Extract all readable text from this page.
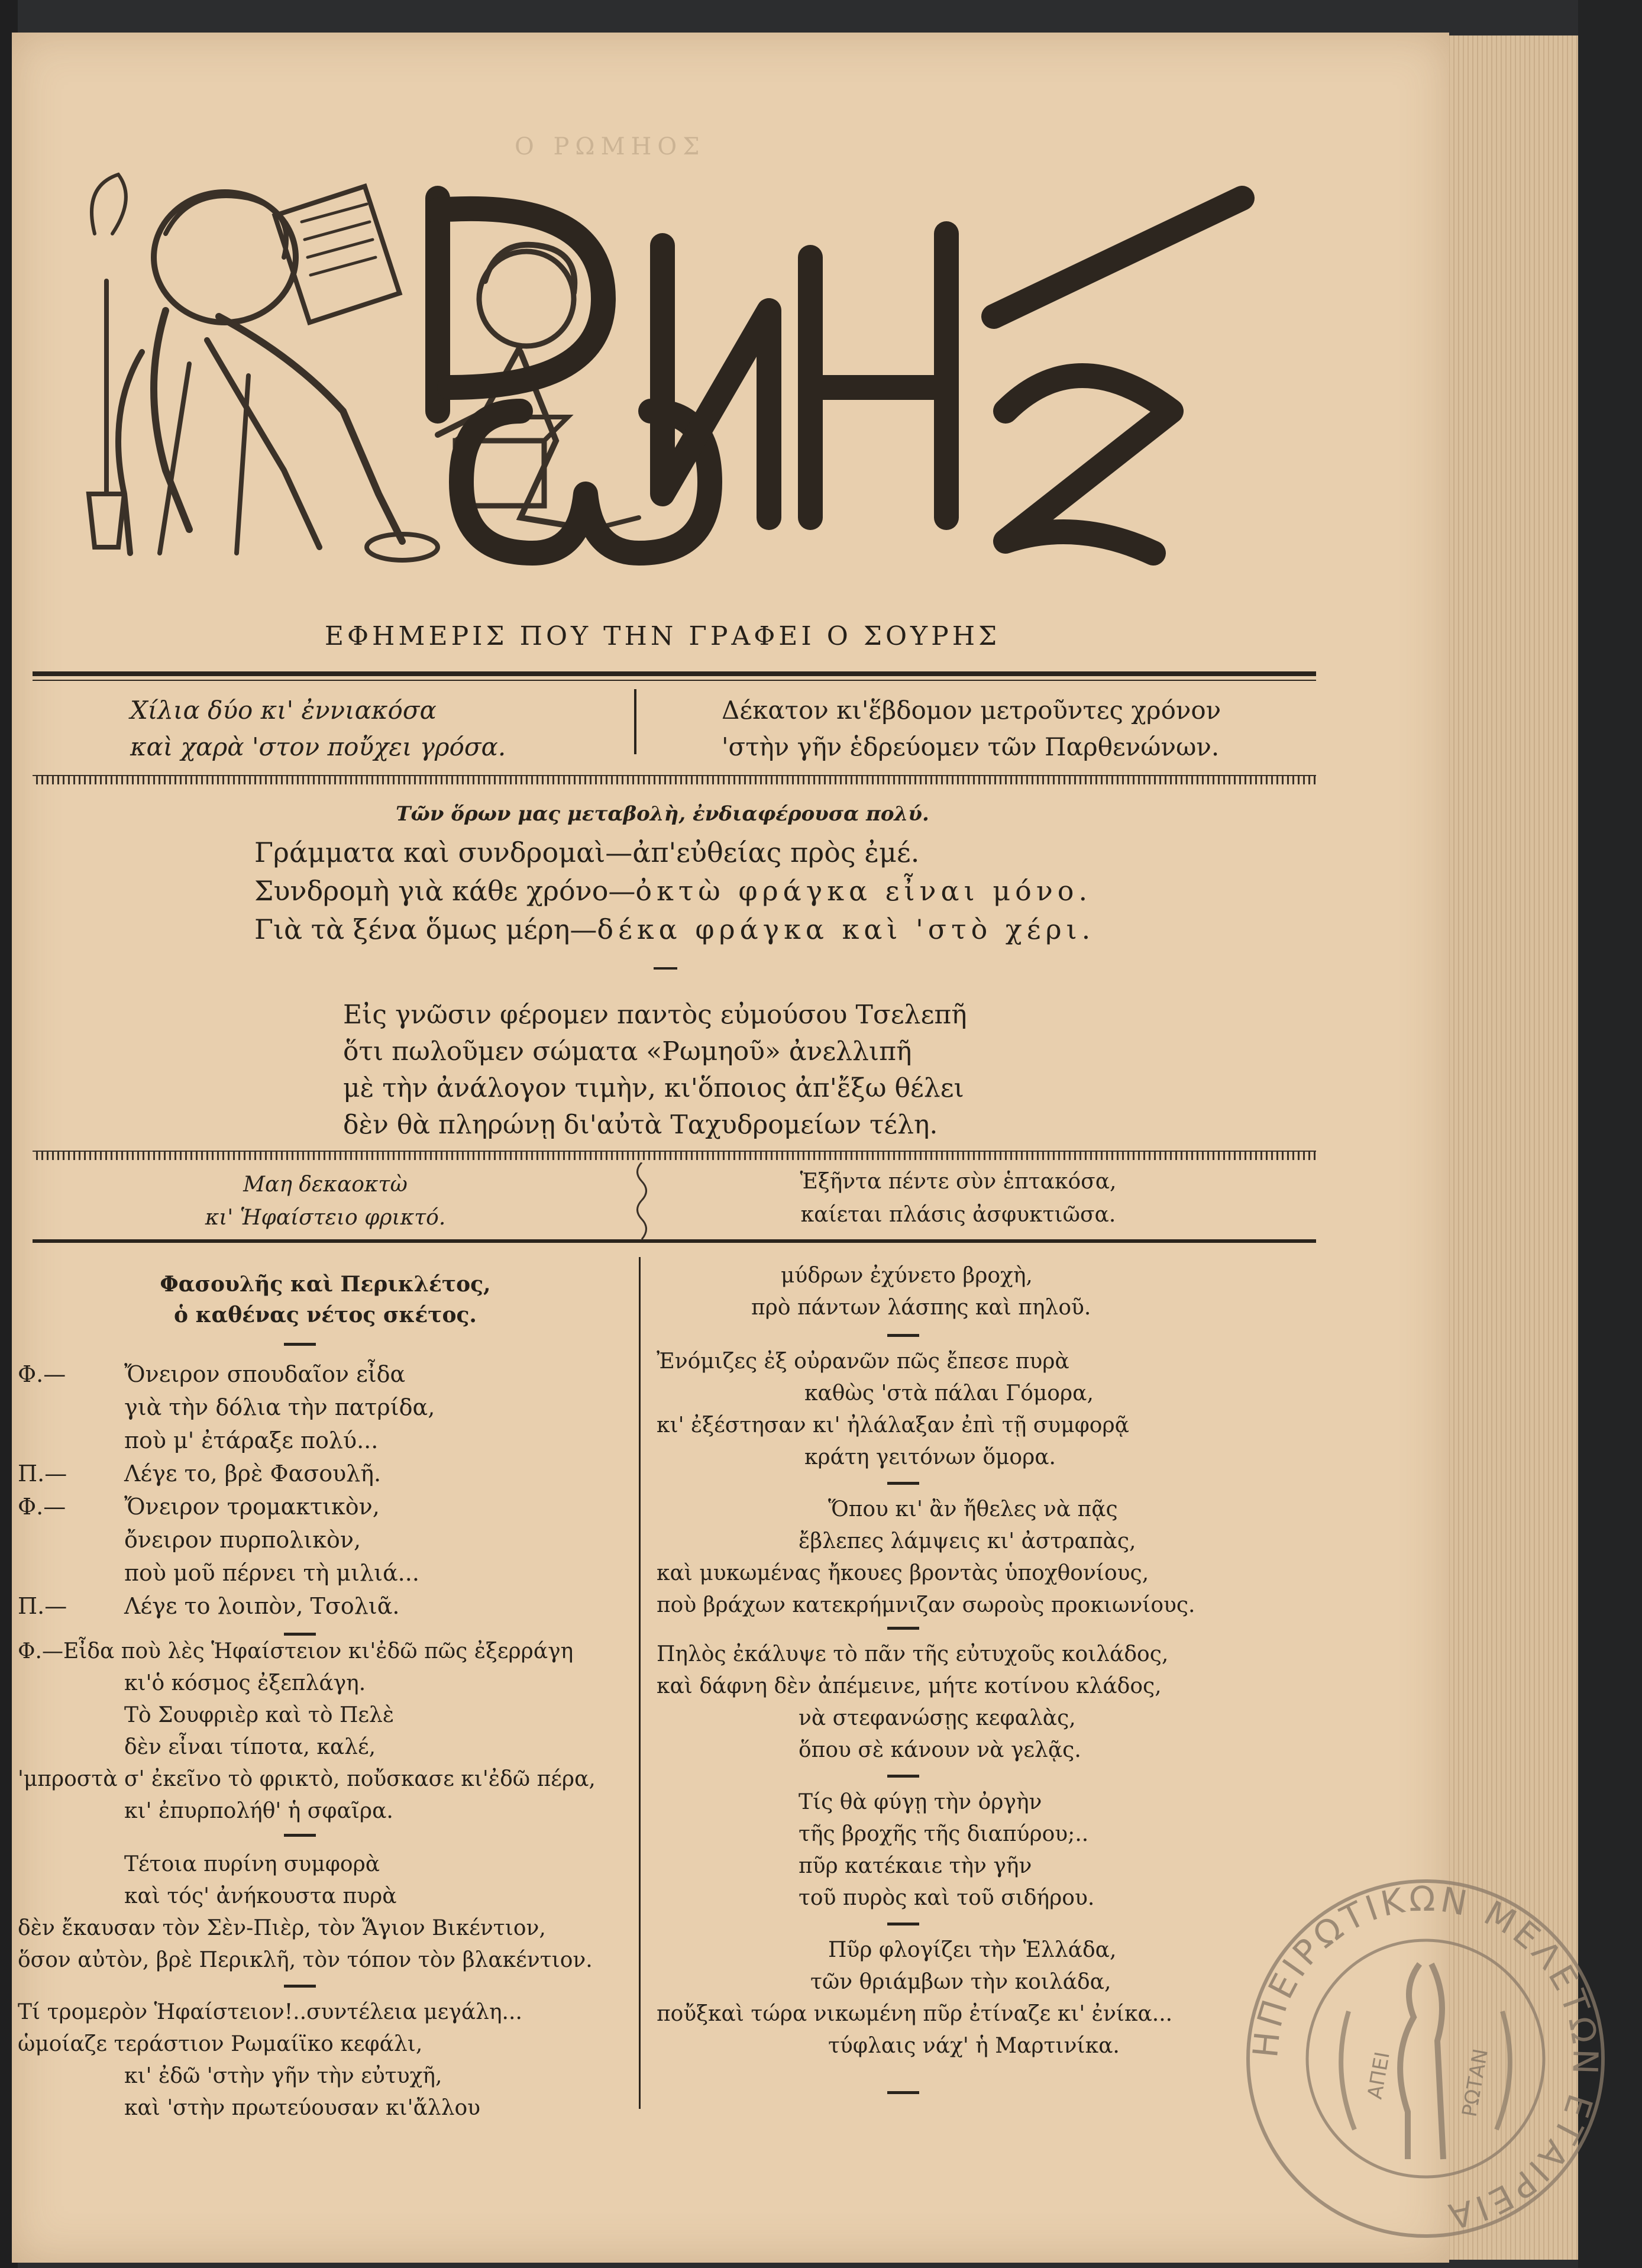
Ο ΡΩΜΗΟΣ
ΕΦΗΜΕΡΙΣ ΠΟΥ ΤΗΝ ΓΡΑΦΕΙ Ο ΣΟΥΡΗΣ
Χίλια δύο κι' ἐννιακόσα
καὶ χαρὰ 'στον ποὔχει γρόσα.
Δέκατον κι'ἕβδομον μετροῦντες χρόνον
'στὴν γῆν ἑδρεύομεν τῶν Παρθενώνων.
Τῶν ὅρων μας μεταβολὴ, ἐνδιαφέρουσα πολύ.
Γράμματα καὶ συνδρομαὶ—ἀπ'εὐθείας πρὸς ἐμέ.
Συνδρομὴ γιὰ κάθε χρόνο—ὀκτὼ φράγκα εἶναι μόνο.
Γιὰ τὰ ξένα ὅμως μέρη—δέκα φράγκα καὶ 'στὸ χέρι.
Εἰς γνῶσιν φέρομεν παντὸς εὐμούσου Τσελεπῆ
ὅτι πωλοῦμεν σώματα «Ρωμηοῦ» ἀνελλιπῆ
μὲ τὴν ἀνάλογον τιμὴν, κι'ὅποιος ἀπ'ἔξω θέλει
δὲν θὰ πληρώνῃ δι'αὐτὰ Ταχυδρομείων τέλη.
Μαη δεκαοκτὼ
κι' Ἡφαίστειο φρικτό.
Ἑξῆντα πέντε σὺν ἑπτακόσα,
καίεται πλάσις ἀσφυκτιῶσα.
Φασουλῆς καὶ Περικλέτος,
ὁ καθένας νέτος σκέτος.
Φ.—	Ὄνειρον σπουδαῖον εἶδα
γιὰ τὴν δόλια τὴν πατρίδα,
ποὺ μ' ἐτάραξε πολύ...
Π.—	Λέγε το, βρὲ Φασουλῆ.
Φ.—	Ὄνειρον τρομακτικὸν,
ὄνειρον πυρπολικὸν,
ποὺ μοῦ πέρνει τὴ μιλιά...
Π.—	Λέγε το λοιπὸν, Τσολιᾶ.
Φ.—Εἶδα ποὺ λὲς Ἡφαίστειον κι'ἐδῶ πῶς ἐξερράγη
κι'ὁ κόσμος ἐξεπλάγη.
Τὸ Σουφριὲρ καὶ τὸ Πελὲ
δὲν εἶναι τίποτα, καλέ,
'μπροστὰ σ' ἐκεῖνο τὸ φρικτὸ, ποὔσκασε κι'ἐδῶ πέρα,
κι' ἐπυρπολήθ' ἡ σφαῖρα.
Τέτοια πυρίνη συμφορὰ
καὶ τός' ἀνήκουστα πυρὰ
δὲν ἔκαυσαν τὸν Σὲν-Πιὲρ, τὸν Ἅγιον Βικέντιον,
ὅσον αὐτὸν, βρὲ Περικλῆ, τὸν τόπον τὸν βλακέντιον.
Τί τρομερὸν Ἡφαίστειον!..συντέλεια μεγάλη...
ὡμοίαζε τεράστιον Ρωμαίϊκο κεφάλι,
κι' ἐδῶ 'στὴν γῆν τὴν εὐτυχῆ,
καὶ 'στὴν πρωτεύουσαν κι'ἄλλου
μύδρων ἐχύνετο βροχὴ,
πρὸ πάντων λάσπης καὶ πηλοῦ.
Ἐνόμιζες ἐξ οὐρανῶν πῶς ἔπεσε πυρὰ
καθὼς 'στὰ πάλαι Γόμορα,
κι' ἐξέστησαν κι' ἠλάλαξαν ἐπὶ τῇ συμφορᾷ
κράτη γειτόνων ὅμορα.
Ὅπου κι' ἂν ἤθελες νὰ πᾷς
ἔβλεπες λάμψεις κι' ἀστραπὰς,
καὶ μυκωμένας ἤκουες βροντὰς ὑποχθονίους,
ποὺ βράχων κατεκρήμνιζαν σωροὺς προκιωνίους.
Πηλὸς ἐκάλυψε τὸ πᾶν τῆς εὐτυχοῦς κοιλάδος,
καὶ δάφνη δὲν ἀπέμεινε, μήτε κοτίνου κλάδος,
νὰ στεφανώσῃς κεφαλὰς,
ὅπου σὲ κάνουν νὰ γελᾷς.
Τίς θὰ φύγῃ τὴν ὀργὴν
τῆς βροχῆς τῆς διαπύρου;..
πῦρ κατέκαιε τὴν γῆν
τοῦ πυρὸς καὶ τοῦ σιδήρου.
Πῦρ φλογίζει τὴν Ἑλλάδα,
τῶν θριάμβων τὴν κοιλάδα,
ποὔξκαὶ τώρα νικωμένη πῦρ ἐτίναζε κι' ἐνίκα...
τύφλαις νάχ' ἡ Μαρτινίκα.	ΗΠΕΙΡΩΤΙΚΩΝ ΜΕΛΕΤΩΝ ΕΤΑΙΡΕΙΑ
ΑΠΕΙ	ΡΩΤΑΝ
